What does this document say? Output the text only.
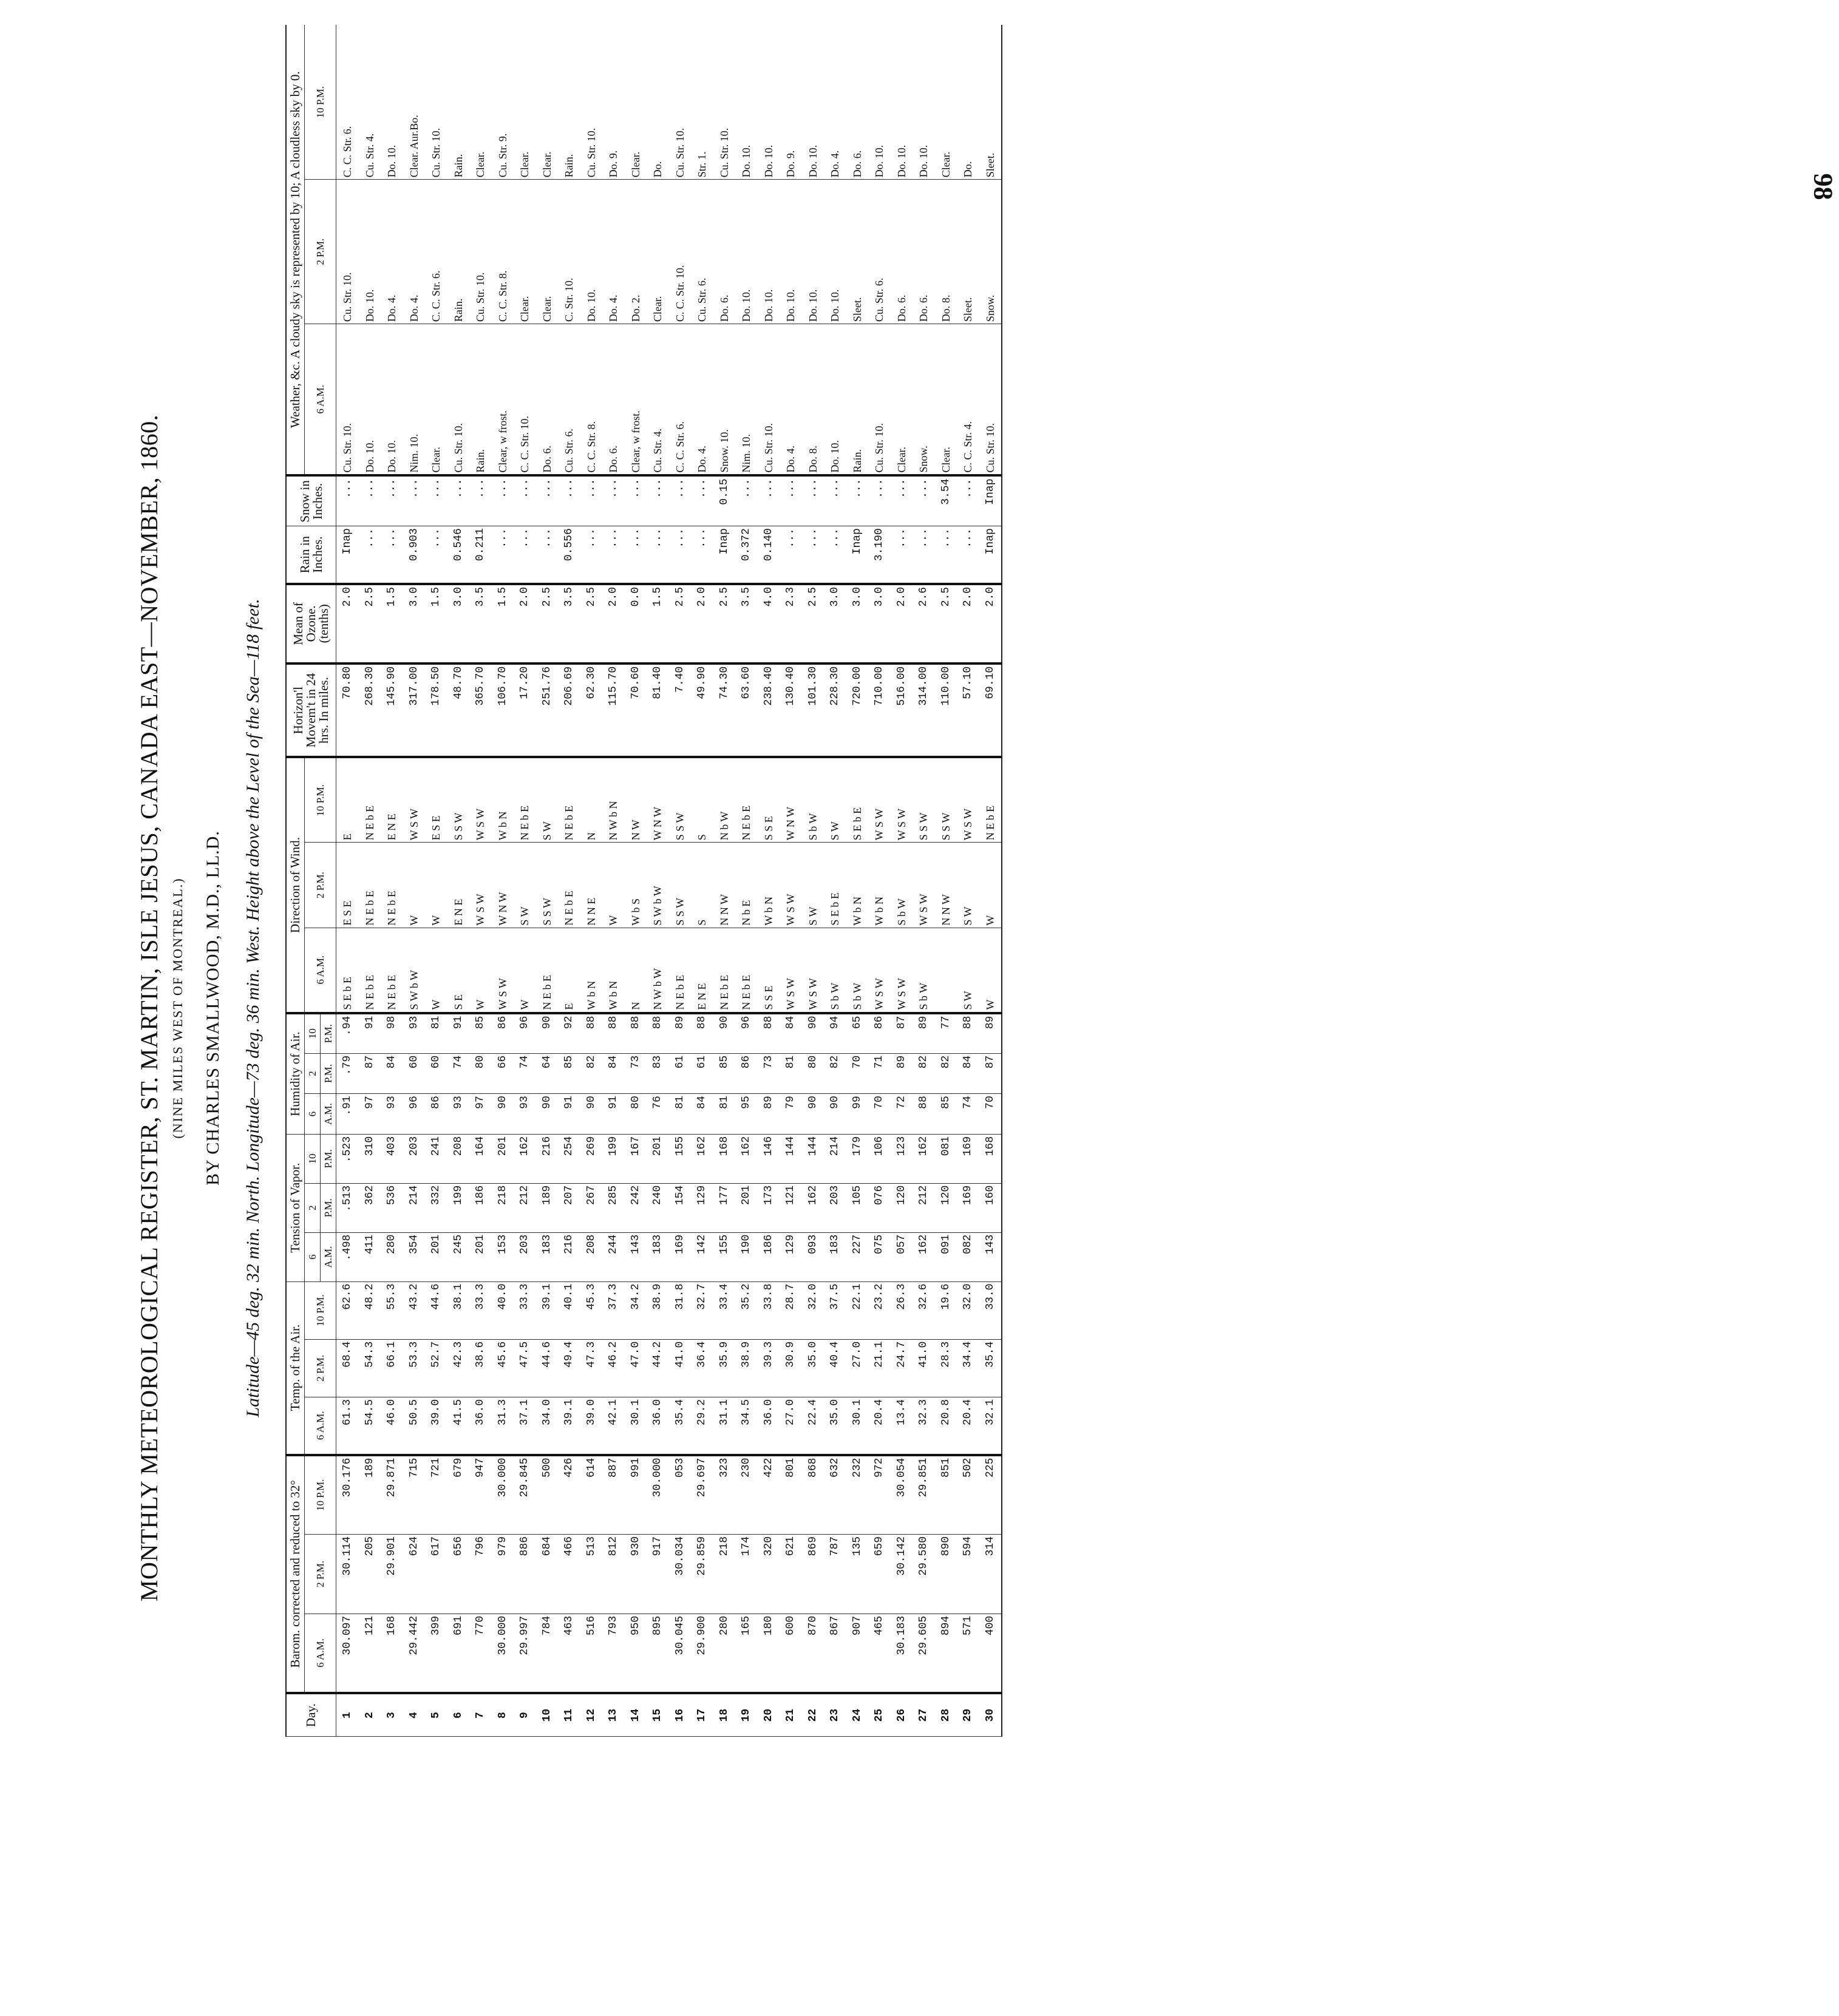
98
MONTHLY METEOROLOGICAL REGISTER, ST. MARTIN, ISLE JESUS, CANADA EAST—NOVEMBER, 1860. (NINE MILES WEST OF MONTREAL.) BY CHARLES SMALLWOOD, M.D., LL.D. Latitude—45 deg. 32 min. North. Longitude—73 deg. 36 min. West. Height above the Level of the Sea—118 feet.
Day.	Barom. corrected and reduced to 32°			Temp. of the Air.			Tension of Vapor.			Humidity of Air.			Direction of Wind.			Horizon'l Movem't in 24 hrs. In miles.	Mean of Ozone. (tenths)	Rain in Inches.	Snow in Inches.	Weather, &c. A cloudy sky is represented by 10; A cloudless sky by 0.		
	6 A.M.	2 P.M.	10 P.M.	6 A.M.	2 P.M.	10 P.M.	6	2	10	6	2	10	6 A.M.	2 P.M.	10 P.M.					6 A.M.	2 P.M.	10 P.M.
							A.M.	P.M.	P.M.	A.M.	P.M.	P.M.										
1	30.097	30.114	30.176	61.3	68.4	62.6	.498	.513	.523	.91	.79	.94	S E b E	E S E	E	70.80	2.0	Inap	...	Cu. Str. 10.	Cu. Str. 10.	C. C. Str. 6.
2	121	205	189	54.5	54.3	48.2	411	362	310	97	87	91	N E b E	N E b E	N E b E	268.30	2.5	...	...	Do. 10.	Do. 10.	Cu. Str. 4.
3	168	29.901	29.871	46.0	66.1	55.3	280	536	403	93	84	98	N E b E	N E b E	E N E	145.90	1.5	...	...	Do. 10.	Do. 4.	Do. 10.
4	29.442	624	715	50.5	53.3	43.2	354	214	203	96	60	93	S W b W	W	W S W	317.00	3.0	0.903	...	Nim. 10.	Do. 4.	Clear. Aur.Bo.
5	399	617	721	39.0	52.7	44.6	201	332	241	86	60	81	W	W	E S E	178.50	1.5	...	...	Clear.	C. C. Str. 6.	Cu. Str. 10.
6	691	656	679	41.5	42.3	38.1	245	199	208	93	74	91	S E	E N E	S S W	48.70	3.0	0.546	...	Cu. Str. 10.	Rain.	Rain.
7	770	796	947	36.0	38.6	33.3	201	186	164	97	80	85	W	W S W	W S W	365.70	3.5	0.211	...	Rain.	Cu. Str. 10.	Clear.
8	30.000	979	30.000	31.3	45.6	40.0	153	218	201	90	66	86	W S W	W N W	W b N	106.70	1.5	...	...	Clear, w frost.	C. C. Str. 8.	Cu. Str. 9.
9	29.997	886	29.845	37.1	47.5	33.3	203	212	162	93	74	96	W	S W	N E b E	17.20	2.0	...	...	C. C. Str. 10.	Clear.	Clear.
10	784	684	500	34.0	44.6	39.1	183	189	216	90	64	90	N E b E	S S W	S W	251.76	2.5	...	...	Do. 6.	Clear.	Clear.
11	463	466	426	39.1	49.4	40.1	216	207	254	91	85	92	E	N E b E	N E b E	206.69	3.5	0.556	...	Cu. Str. 6.	C. Str. 10.	Rain.
12	516	513	614	39.0	47.3	45.3	208	267	269	90	82	88	W b N	N N E	N	62.30	2.5	...	...	C. C. Str. 8.	Do. 10.	Cu. Str. 10.
13	793	812	887	42.1	46.2	37.3	244	285	199	91	84	88	W b N	W	N W b N	115.70	2.0	...	...	Do. 6.	Do. 4.	Do. 9.
14	950	930	991	30.1	47.0	34.2	143	242	167	80	73	88	N	W b S	N W	70.60	0.0	...	...	Clear, w frost.	Do. 2.	Clear.
15	895	917	30.000	36.0	44.2	38.9	183	240	201	76	83	88	N W b W	S W b W	W N W	81.40	1.5	...	...	Cu. Str. 4.	Clear.	Do.
16	30.045	30.034	053	35.4	41.0	31.8	169	154	155	81	61	89	N E b E	S S W	S S W	7.40	2.5	...	...	C. C. Str. 6.	C. C. Str. 10.	Cu. Str. 10.
17	29.900	29.859	29.697	29.2	36.4	32.7	142	129	162	84	61	88	E N E	S	S	49.90	2.0	...	...	Do. 4.	Cu. Str. 6.	Str. 1.
18	280	218	323	31.1	35.9	33.4	155	177	168	81	85	90	N E b E	N N W	N b W	74.30	2.5	Inap	0.15	Snow. 10.	Do. 6.	Cu. Str. 10.
19	165	174	230	34.5	38.9	35.2	190	201	162	95	86	96	N E b E	N b E	N E b E	63.60	3.5	0.372	...	Nim. 10.	Do. 10.	Do. 10.
20	180	320	422	36.0	39.3	33.8	186	173	146	89	73	88	S S E	W b N	S S E	238.40	4.0	0.140	...	Cu. Str. 10.	Do. 10.	Do. 10.
21	600	621	801	27.0	30.9	28.7	129	121	144	79	81	84	W S W	W S W	W N W	130.40	2.3	...	...	Do. 4.	Do. 10.	Do. 9.
22	870	869	868	22.4	35.0	32.0	093	162	144	90	80	90	W S W	S W	S b W	101.30	2.5	...	...	Do. 8.	Do. 10.	Do. 10.
23	867	787	632	35.0	40.4	37.5	183	203	214	90	82	94	S b W	S E b E	S W	228.30	3.0	...	...	Do. 10.	Do. 10.	Do. 4.
24	907	135	232	30.1	27.0	22.1	227	105	179	99	70	65	S b W	W b N	S E b E	720.00	3.0	Inap	...	Rain.	Sleet.	Do. 6.
25	465	659	972	20.4	21.1	23.2	075	076	106	70	71	86	W S W	W b N	W S W	710.00	3.0	3.190	...	Cu. Str. 10.	Cu. Str. 6.	Do. 10.
26	30.183	30.142	30.054	13.4	24.7	26.3	057	120	123	72	89	87	W S W	S b W	W S W	516.00	2.0	...	...	Clear.	Do. 6.	Do. 10.
27	29.605	29.580	29.851	32.3	41.0	32.6	162	212	162	88	82	89	S b W	W S W	S S W	314.00	2.6	...	...	Snow.	Do. 6.	Do. 10.
28	894	890	851	20.8	28.3	19.6	091	120	081	85	82	77		N N W	S S W	110.00	2.5	...	3.54	Clear.	Do. 8.	Clear.
29	571	594	502	20.4	34.4	32.0	082	169	169	74	84	88	S W	S W	W S W	57.10	2.0	...	...	C. C. Str. 4.	Sleet.	Do.
30	400	314	225	32.1	35.4	33.0	143	160	168	70	87	89	W	W	N E b E	69.10	2.0	Inap	Inap	Cu. Str. 10.	Snow.	Sleet.
